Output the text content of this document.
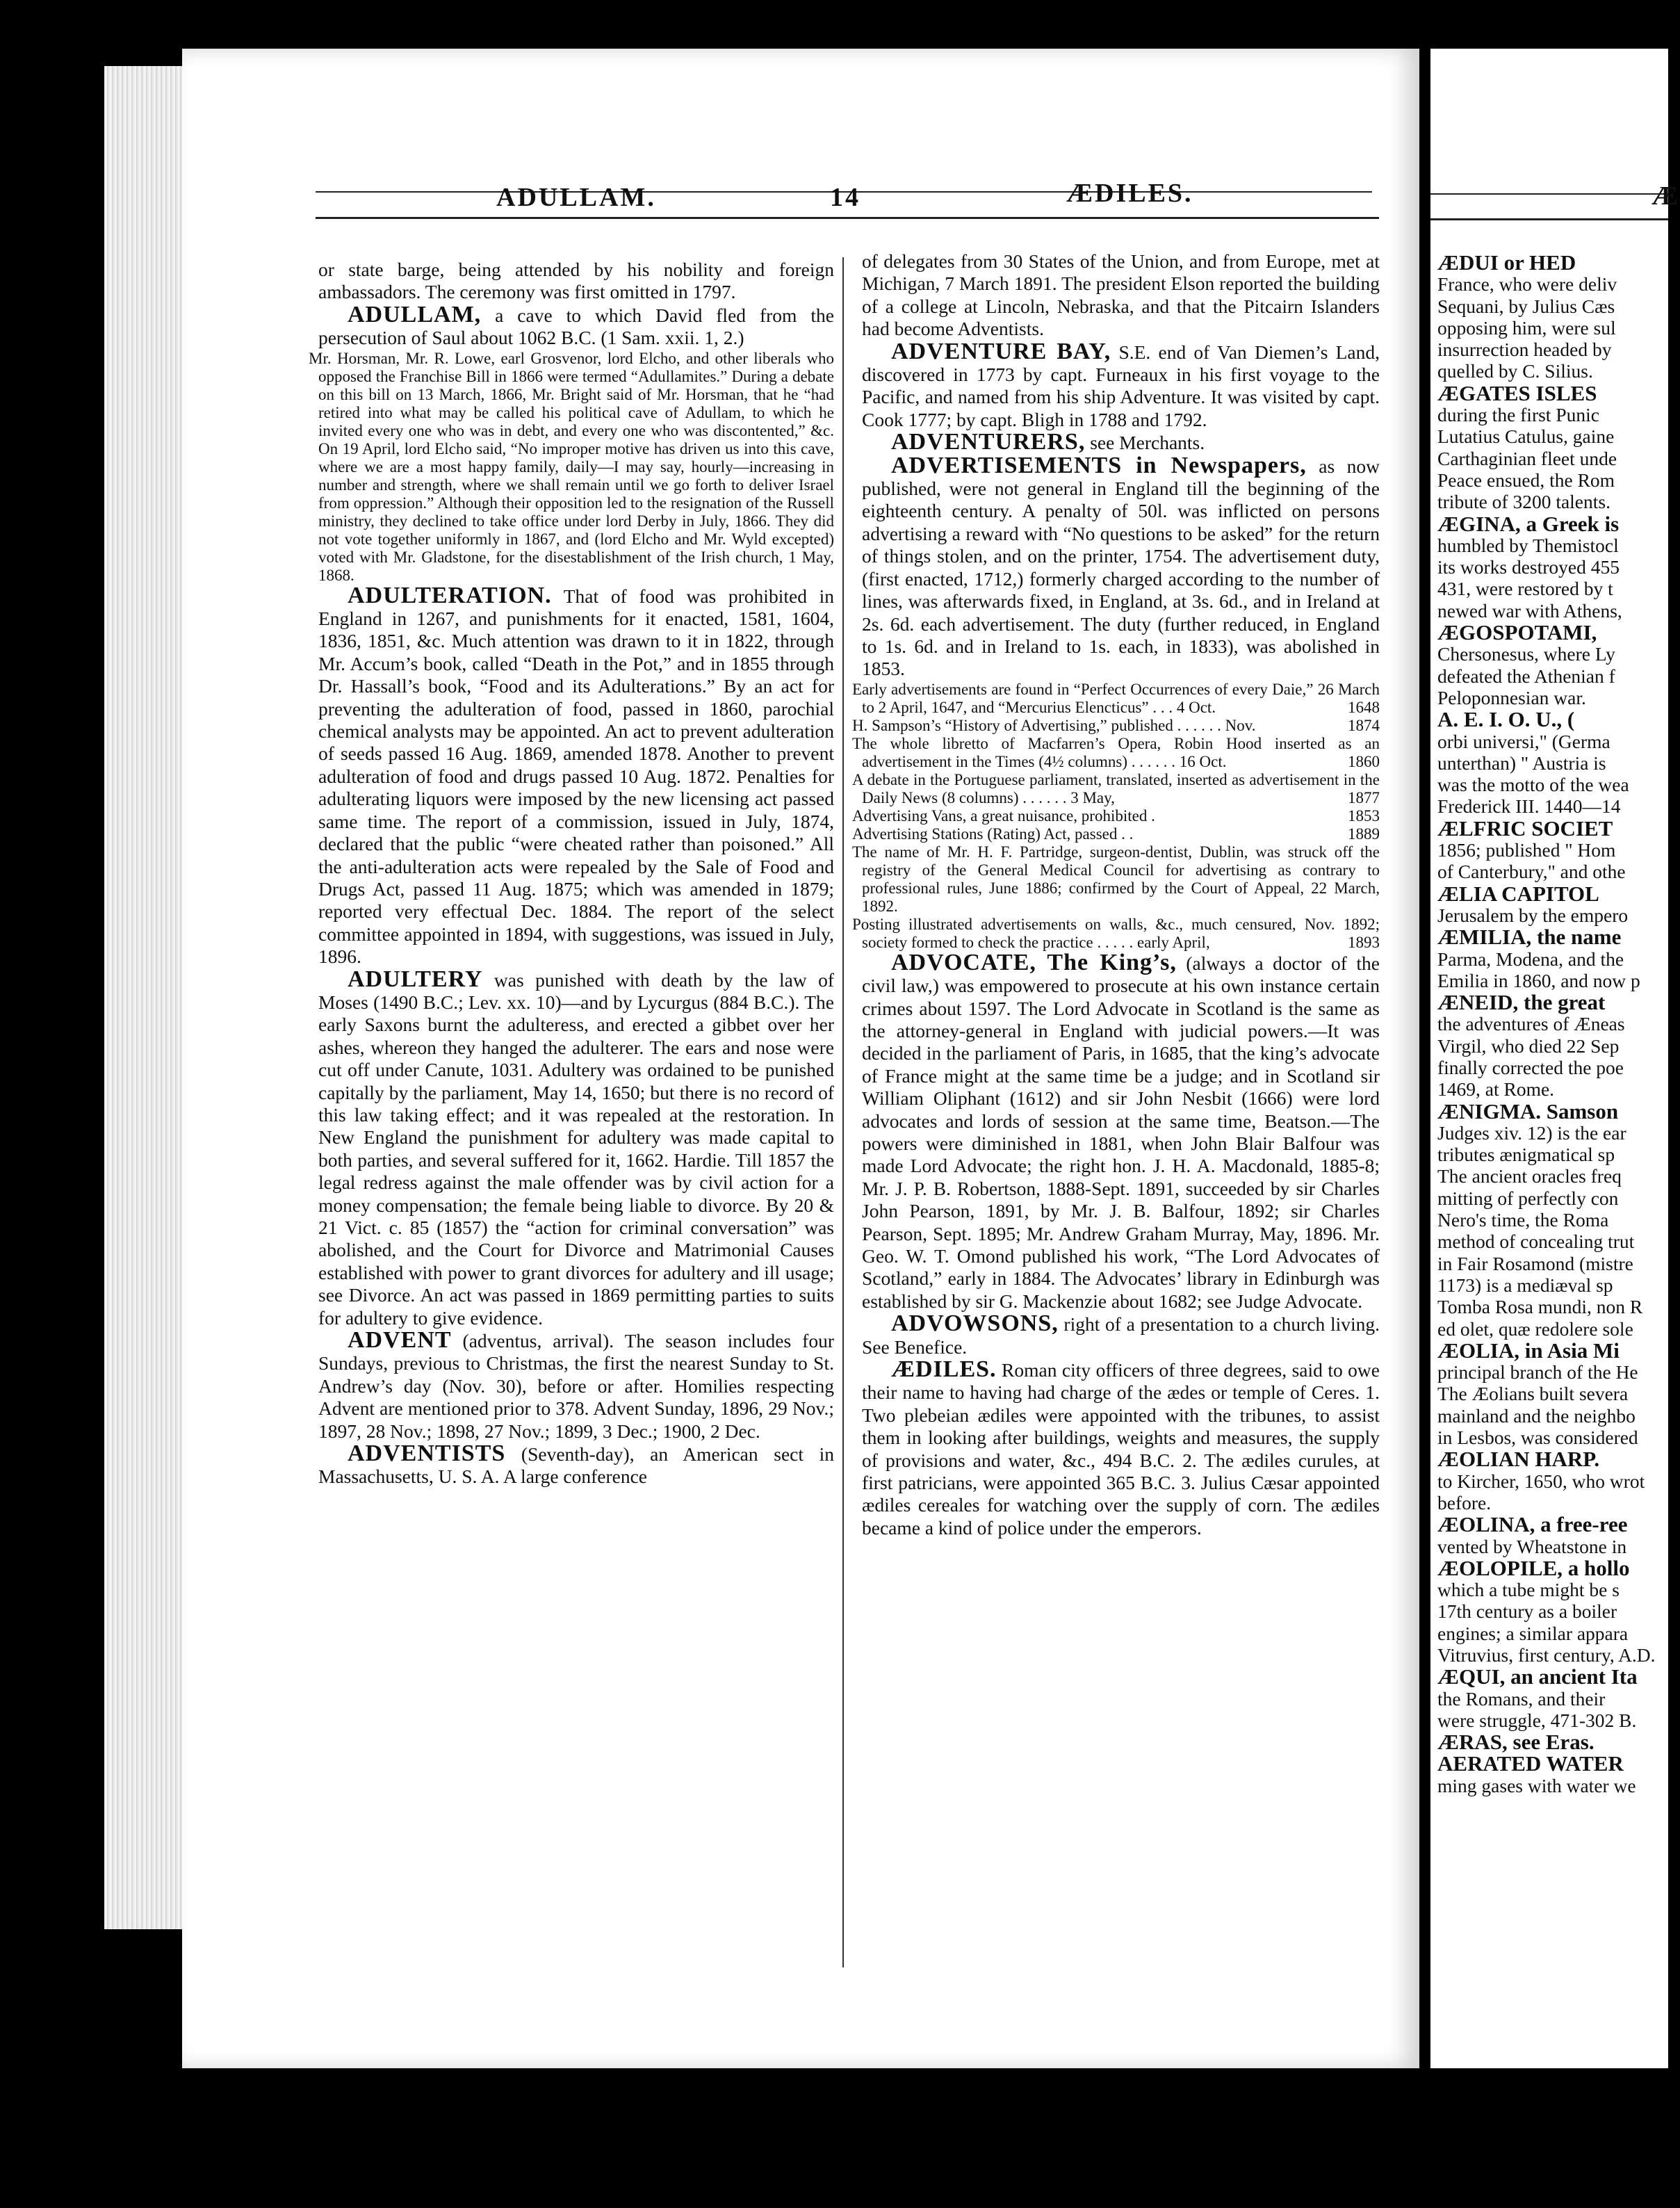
ADULLAM.	14	ÆDILES.

or state barge, being attended by his nobility and foreign ambassadors. The ceremony was first omitted in 1797.

ADULLAM, a cave to which David fled from the persecution of Saul about 1062 B.C. (1 Sam. xxii. 1, 2.)

Mr. Horsman, Mr. R. Lowe, earl Grosvenor, lord Elcho, and other liberals who opposed the Franchise Bill in 1866 were termed “Adullamites.” During a debate on this bill on 13 March, 1866, Mr. Bright said of Mr. Horsman, that he “had retired into what may be called his political cave of Adullam, to which he invited every one who was in debt, and every one who was discontented,” &c. On 19 April, lord Elcho said, “No improper motive has driven us into this cave, where we are a most happy family, daily—I may say, hourly—increasing in number and strength, where we shall remain until we go forth to deliver Israel from oppression.” Although their opposition led to the resignation of the Russell ministry, they declined to take office under lord Derby in July, 1866. They did not vote together uniformly in 1867, and (lord Elcho and Mr. Wyld excepted) voted with Mr. Gladstone, for the disestablishment of the Irish church, 1 May, 1868.

ADULTERATION. That of food was prohibited in England in 1267, and punishments for it enacted, 1581, 1604, 1836, 1851, &c. Much attention was drawn to it in 1822, through Mr. Accum’s book, called “Death in the Pot,” and in 1855 through Dr. Hassall’s book, “Food and its Adulterations.” By an act for preventing the adulteration of food, passed in 1860, parochial chemical analysts may be appointed. An act to prevent adulteration of seeds passed 16 Aug. 1869, amended 1878. Another to prevent adulteration of food and drugs passed 10 Aug. 1872. Penalties for adulterating liquors were imposed by the new licensing act passed same time. The report of a commission, issued in July, 1874, declared that the public “were cheated rather than poisoned.” All the anti-adulteration acts were repealed by the Sale of Food and Drugs Act, passed 11 Aug. 1875; which was amended in 1879; reported very effectual Dec. 1884. The report of the select committee appointed in 1894, with suggestions, was issued in July, 1896.

ADULTERY was punished with death by the law of Moses (1490 B.C.; Lev. xx. 10)—and by Lycurgus (884 B.C.). The early Saxons burnt the adulteress, and erected a gibbet over her ashes, whereon they hanged the adulterer. The ears and nose were cut off under Canute, 1031. Adultery was ordained to be punished capitally by the parliament, May 14, 1650; but there is no record of this law taking effect; and it was repealed at the restoration. In New England the punishment for adultery was made capital to both parties, and several suffered for it, 1662. Hardie. Till 1857 the legal redress against the male offender was by civil action for a money compensation; the female being liable to divorce. By 20 & 21 Vict. c. 85 (1857) the “action for criminal conversation” was abolished, and the Court for Divorce and Matrimonial Causes established with power to grant divorces for adultery and ill usage; see Divorce. An act was passed in 1869 permitting parties to suits for adultery to give evidence.

ADVENT (adventus, arrival). The season includes four Sundays, previous to Christmas, the first the nearest Sunday to St. Andrew’s day (Nov. 30), before or after. Homilies respecting Advent are mentioned prior to 378. Advent Sunday, 1896, 29 Nov.; 1897, 28 Nov.; 1898, 27 Nov.; 1899, 3 Dec.; 1900, 2 Dec.

ADVENTISTS (Seventh-day), an American sect in Massachusetts, U. S. A. A large conference

of delegates from 30 States of the Union, and from Europe, met at Michigan, 7 March 1891. The president Elson reported the building of a college at Lincoln, Nebraska, and that the Pitcairn Islanders had become Adventists.

ADVENTURE BAY, S.E. end of Van Diemen’s Land, discovered in 1773 by capt. Furneaux in his first voyage to the Pacific, and named from his ship Adventure. It was visited by capt. Cook 1777; by capt. Bligh in 1788 and 1792.

ADVENTURERS, see Merchants.

ADVERTISEMENTS in Newspapers, as now published, were not general in England till the beginning of the eighteenth century. A penalty of 50l. was inflicted on persons advertising a reward with “No questions to be asked” for the return of things stolen, and on the printer, 1754. The advertisement duty, (first enacted, 1712,) formerly charged according to the number of lines, was afterwards fixed, in England, at 3s. 6d., and in Ireland at 2s. 6d. each advertisement. The duty (further reduced, in England to 1s. 6d. and in Ireland to 1s. each, in 1833), was abolished in 1853.

Early advertisements are found in “Perfect Occurrences of every Daie,” 26 March to 2 April, 1647, and “Mercurius Elencticus” . . . 4 Oct.	1648

H. Sampson’s “History of Advertising,” published . . . . . . Nov.	1874

The whole libretto of Macfarren’s Opera, Robin Hood inserted as an advertisement in the Times (4½ columns) . . . . . . 16 Oct.	1860

A debate in the Portuguese parliament, translated, inserted as advertisement in the Daily News (8 columns) . . . . . . 3 May,	1877

Advertising Vans, a great nuisance, prohibited .	1853

Advertising Stations (Rating) Act, passed . .	1889

The name of Mr. H. F. Partridge, surgeon-dentist, Dublin, was struck off the registry of the General Medical Council for advertising as contrary to professional rules, June 1886; confirmed by the Court of Appeal, 22 March, 1892.

Posting illustrated advertisements on walls, &c., much censured, Nov. 1892; society formed to check the practice . . . . . early April,	1893

ADVOCATE, The King’s, (always a doctor of the civil law,) was empowered to prosecute at his own instance certain crimes about 1597. The Lord Advocate in Scotland is the same as the attorney-general in England with judicial powers.—It was decided in the parliament of Paris, in 1685, that the king’s advocate of France might at the same time be a judge; and in Scotland sir William Oliphant (1612) and sir John Nesbit (1666) were lord advocates and lords of session at the same time, Beatson.—The powers were diminished in 1881, when John Blair Balfour was made Lord Advocate; the right hon. J. H. A. Macdonald, 1885-8; Mr. J. P. B. Robertson, 1888-Sept. 1891, succeeded by sir Charles John Pearson, 1891, by Mr. J. B. Balfour, 1892; sir Charles Pearson, Sept. 1895; Mr. Andrew Graham Murray, May, 1896. Mr. Geo. W. T. Omond published his work, “The Lord Advocates of Scotland,” early in 1884. The Advocates’ library in Edinburgh was established by sir G. Mackenzie about 1682; see Judge Advocate.

ADVOWSONS, right of a presentation to a church living. See Benefice.

ÆDILES. Roman city officers of three degrees, said to owe their name to having had charge of the ædes or temple of Ceres. 1. Two plebeian ædiles were appointed with the tribunes, to assist them in looking after buildings, weights and measures, the supply of provisions and water, &c., 494 B.C. 2. The ædiles curules, at first patricians, were appointed 365 B.C. 3. Julius Cæsar appointed ædiles cereales for watching over the supply of corn. The ædiles became a kind of police under the emperors.

Æ

ÆDUI or HED

France, who were deliv

Sequani, by Julius Cæs

opposing him, were sul

insurrection headed by

quelled by C. Silius.

ÆGATES ISLES

during the first Punic

Lutatius Catulus, gaine

Carthaginian fleet unde

Peace ensued, the Rom

tribute of 3200 talents.

ÆGINA, a Greek is

humbled by Themistocl

its works destroyed 455

431, were restored by t

newed war with Athens,

ÆGOSPOTAMI,

Chersonesus, where Ly

defeated the Athenian f

Peloponnesian war.

A. E. I. O. U., (

orbi universi," (Germa

unterthan) " Austria is

was the motto of the wea

Frederick III. 1440—14

ÆLFRIC SOCIET

1856; published " Hom

of Canterbury," and othe

ÆLIA CAPITOL

Jerusalem by the empero

ÆMILIA, the name

Parma, Modena, and the

Emilia in 1860, and now p

ÆNEID, the great

the adventures of Æneas

Virgil, who died 22 Sep

finally corrected the poe

1469, at Rome.

ÆNIGMA. Samson

Judges xiv. 12) is the ear

tributes ænigmatical sp

The ancient oracles freq

mitting of perfectly con

Nero's time, the Roma

method of concealing trut

in Fair Rosamond (mistre

1173) is a mediæval sp

Tomba Rosa mundi, non R

ed olet, quæ redolere sole

ÆOLIA, in Asia Mi

principal branch of the He

The Æolians built severa

mainland and the neighbo

in Lesbos, was considered

ÆOLIAN HARP.

to Kircher, 1650, who wrot

before.

ÆOLINA, a free-ree

vented by Wheatstone in

ÆOLOPILE, a hollo

which a tube might be s

17th century as a boiler

engines; a similar appara

Vitruvius, first century, A.D.

ÆQUI, an ancient Ita

the Romans, and their

were struggle, 471-302 B.

ÆRAS, see Eras.

AERATED WATER

ming gases with water we
